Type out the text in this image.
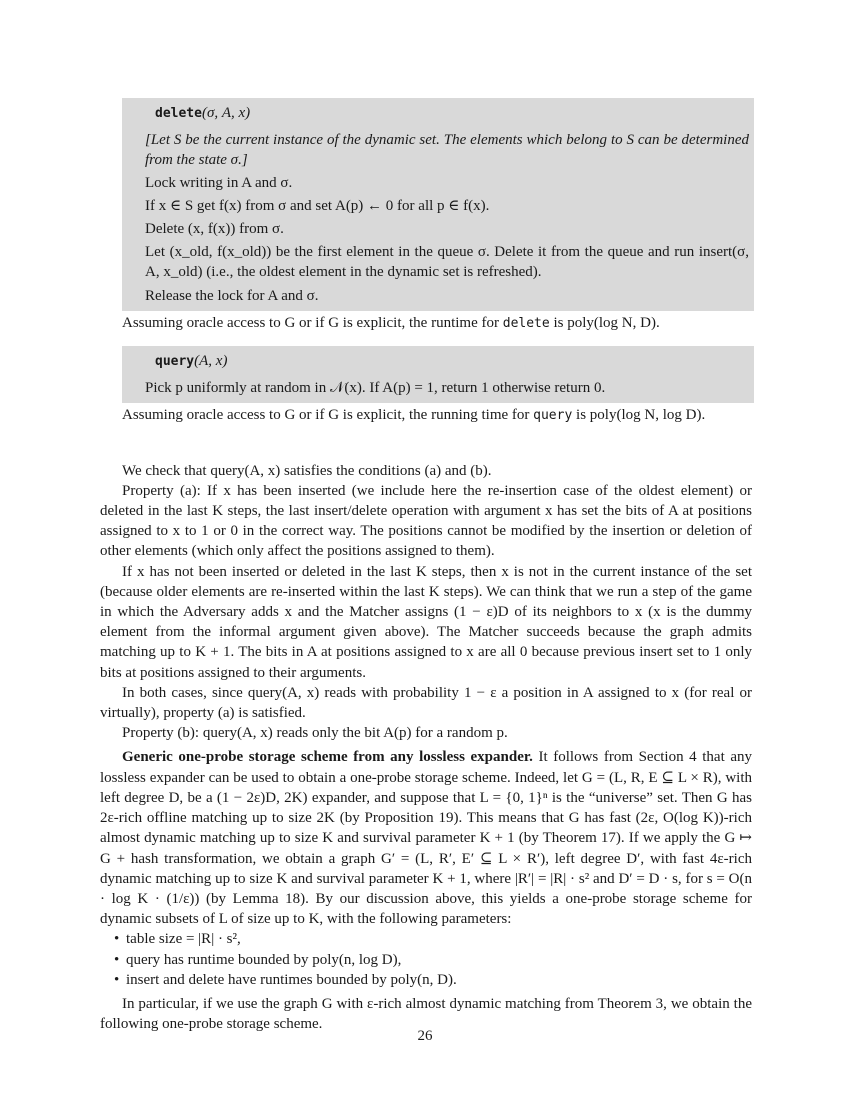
delete(σ, A, x)

[Let S be the current instance of the dynamic set. The elements which belong to S can be determined from the state σ.]

Lock writing in A and σ.

If x ∈ S get f(x) from σ and set A(p) ← 0 for all p ∈ f(x).

Delete (x, f(x)) from σ.

Let (x_old, f(x_old)) be the first element in the queue σ. Delete it from the queue and run insert(σ, A, x_old) (i.e., the oldest element in the dynamic set is refreshed).

Release the lock for A and σ.

Assuming oracle access to G or if G is explicit, the runtime for delete is poly(log N, D).

query(A, x)

Pick p uniformly at random in 𝒩(x). If A(p) = 1, return 1 otherwise return 0.

Assuming oracle access to G or if G is explicit, the running time for query is poly(log N, log D).

We check that query(A, x) satisfies the conditions (a) and (b).

Property (a): If x has been inserted (we include here the re-insertion case of the oldest element) or deleted in the last K steps, the last insert/delete operation with argument x has set the bits of A at positions assigned to x to 1 or 0 in the correct way. The positions cannot be modified by the insertion or deletion of other elements (which only affect the positions assigned to them).

If x has not been inserted or deleted in the last K steps, then x is not in the current instance of the set (because older elements are re-inserted within the last K steps). We can think that we run a step of the game in which the Adversary adds x and the Matcher assigns (1 − ε)D of its neighbors to x (x is the dummy element from the informal argument given above). The Matcher succeeds because the graph admits matching up to K + 1. The bits in A at positions assigned to x are all 0 because previous insert set to 1 only bits at positions assigned to their arguments.

In both cases, since query(A, x) reads with probability 1 − ε a position in A assigned to x (for real or virtually), property (a) is satisfied.

Property (b): query(A, x) reads only the bit A(p) for a random p.

Generic one-probe storage scheme from any lossless expander. It follows from Section 4 that any lossless expander can be used to obtain a one-probe storage scheme. Indeed, let G = (L, R, E ⊆ L × R), with left degree D, be a (1 − 2ε)D, 2K) expander, and suppose that L = {0, 1}ⁿ is the “universe” set. Then G has 2ε-rich offline matching up to size 2K (by Proposition 19). This means that G has fast (2ε, O(log K))-rich almost dynamic matching up to size K and survival parameter K + 1 (by Theorem 17). If we apply the G ↦ G + hash transformation, we obtain a graph G′ = (L, R′, E′ ⊆ L × R′), left degree D′, with fast 4ε-rich dynamic matching up to size K and survival parameter K + 1, where |R′| = |R| · s² and D′ = D · s, for s = O(n · log K · (1/ε)) (by Lemma 18). By our discussion above, this yields a one-probe storage scheme for dynamic subsets of L of size up to K, with the following parameters:

• table size = |R| · s²,

• query has runtime bounded by poly(n, log D),

• insert and delete have runtimes bounded by poly(n, D).

In particular, if we use the graph G with ε-rich almost dynamic matching from Theorem 3, we obtain the following one-probe storage scheme.

26
